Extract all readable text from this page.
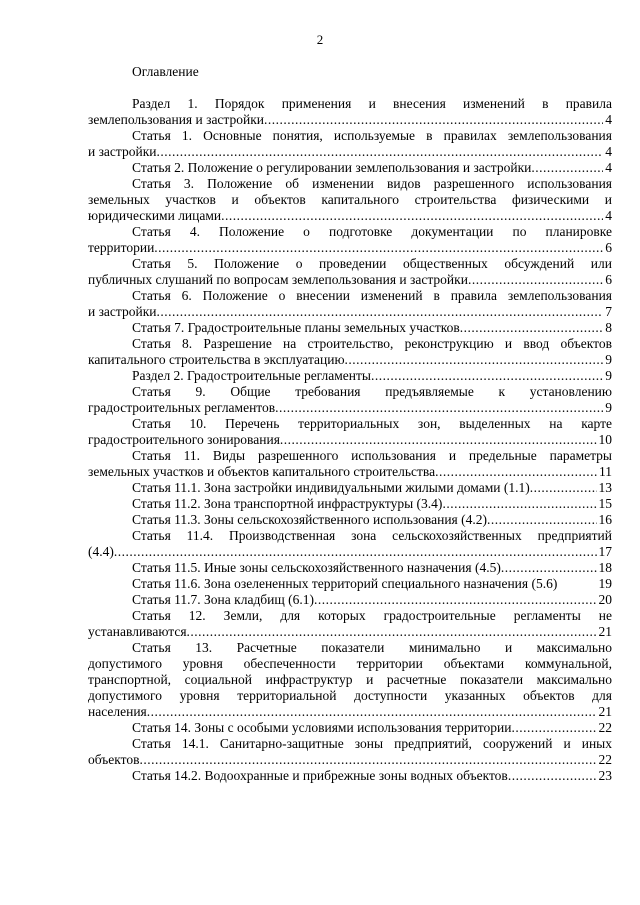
2
Оглавление
Раздел 1. Порядок применения и внесения изменений в правила
землепользования и застройки .....	4
Статья 1. Основные понятия, используемые в правилах землепользования
и застройки .....	4
Статья 2. Положение о регулировании землепользования и застройки .....	4
Статья 3. Положение об изменении видов разрешенного использования
земельных участков и объектов капитального строительства физическими и
юридическими лицами .....	4
Статья 4. Положение о подготовке документации по планировке
территории .....	6
Статья 5. Положение о проведении общественных обсуждений или
публичных слушаний по вопросам землепользования и застройки .....	6
Статья 6. Положение о внесении изменений в правила землепользования
и застройки .....	7
Статья 7. Градостроительные планы земельных участков .....	8
Статья 8. Разрешение на строительство, реконструкцию и ввод объектов
капитального строительства в эксплуатацию .....	9
Раздел 2. Градостроительные регламенты .....	9
Статья 9. Общие требования предъявляемые к установлению
градостроительных регламентов .....	9
Статья 10. Перечень территориальных зон, выделенных на карте
градостроительного зонирования .....	10
Статья 11. Виды разрешенного использования и предельные параметры
земельных участков и объектов капитального строительства .....	11
Статья 11.1. Зона застройки индивидуальными жилыми домами (1.1) .....	13
Статья 11.2. Зона транспортной инфраструктуры (3.4) .....	15
Статья 11.3. Зоны сельскохозяйственного использования (4.2) .....	16
Статья 11.4. Производственная зона сельскохозяйственных предприятий
(4.4) .....	17
Статья 11.5. Иные зоны сельскохозяйственного назначения (4.5) .....	18
Статья 11.6. Зона озелененных территорий специального назначения (5.6)	19
Статья 11.7. Зона кладбищ (6.1) .....	20
Статья 12. Земли, для которых градостроительные регламенты не
устанавливаются .....	21
Статья 13. Расчетные показатели минимально и максимально
допустимого уровня обеспеченности территории объектами коммунальной,
транспортной, социальной инфраструктур и расчетные показатели максимально
допустимого уровня территориальной доступности указанных объектов для
населения .....	21
Статья 14. Зоны с особыми условиями использования территории .....	22
Статья 14.1. Санитарно-защитные зоны предприятий, сооружений и иных
объектов .....	22
Статья 14.2. Водоохранные и прибрежные зоны водных объектов .....	23
